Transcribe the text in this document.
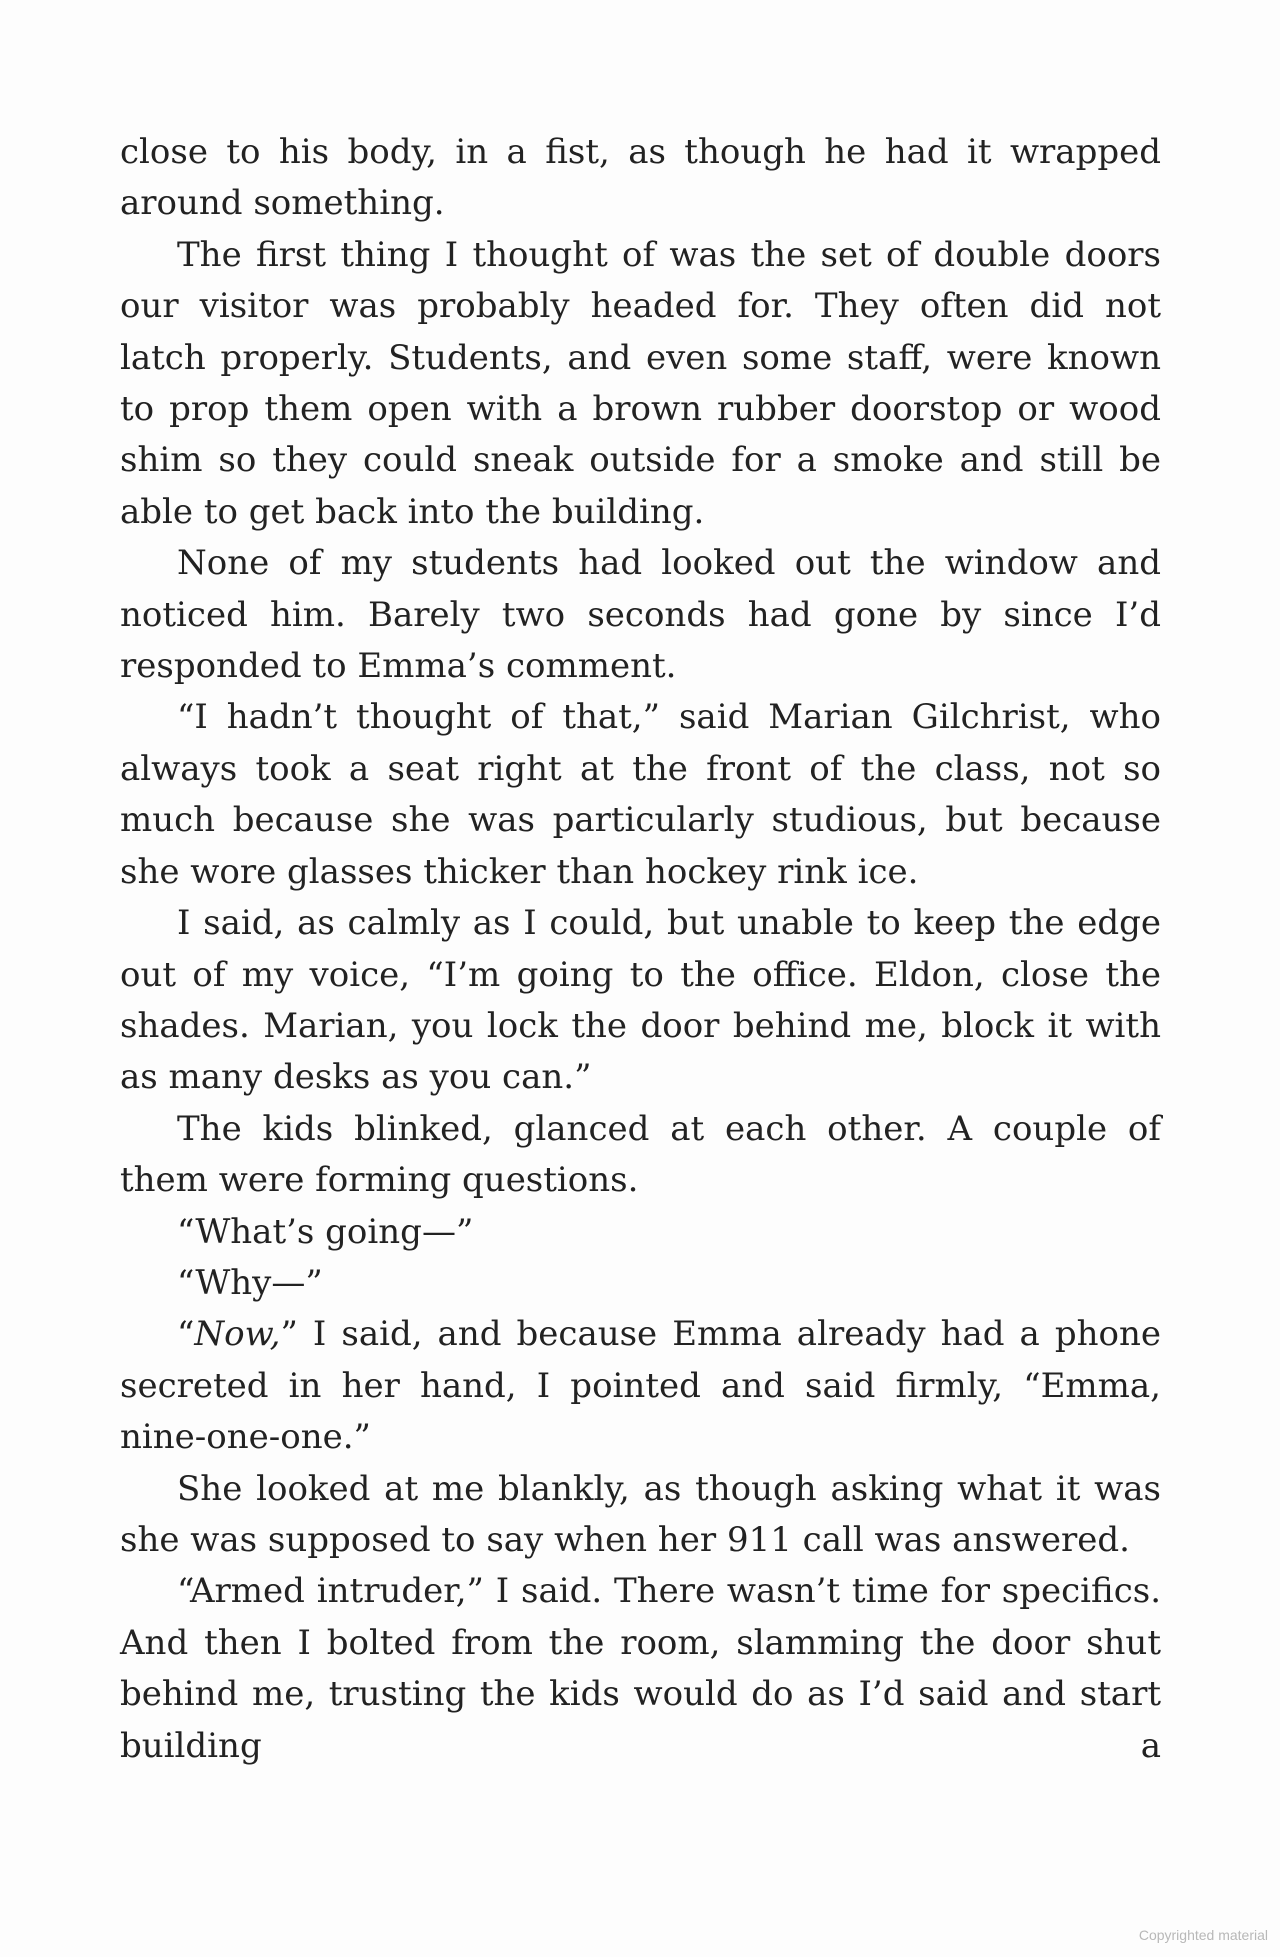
close to his body, in a fist, as though he had it wrapped around something.

The first thing I thought of was the set of double doors our visitor was probably headed for. They often did not latch properly. Students, and even some staff, were known to prop them open with a brown rubber doorstop or wood shim so they could sneak outside for a smoke and still be able to get back into the building.

None of my students had looked out the window and noticed him. Barely two seconds had gone by since I’d responded to Emma’s comment.

“I hadn’t thought of that,” said Marian Gilchrist, who always took a seat right at the front of the class, not so much because she was particularly studious, but because she wore glasses thicker than hockey rink ice.

I said, as calmly as I could, but unable to keep the edge out of my voice, “I’m going to the office. Eldon, close the shades. Marian, you lock the door behind me, block it with as many desks as you can.”

The kids blinked, glanced at each other. A couple of them were forming questions.

“What’s going—”

“Why—”

“Now,” I said, and because Emma already had a phone secreted in her hand, I pointed and said firmly, “Emma, nine-one-one.”

She looked at me blankly, as though asking what it was she was supposed to say when her 911 call was answered.

“Armed intruder,” I said. There wasn’t time for specifics. And then I bolted from the room, slamming the door shut behind me, trusting the kids would do as I’d said and start building a

Copyrighted material
